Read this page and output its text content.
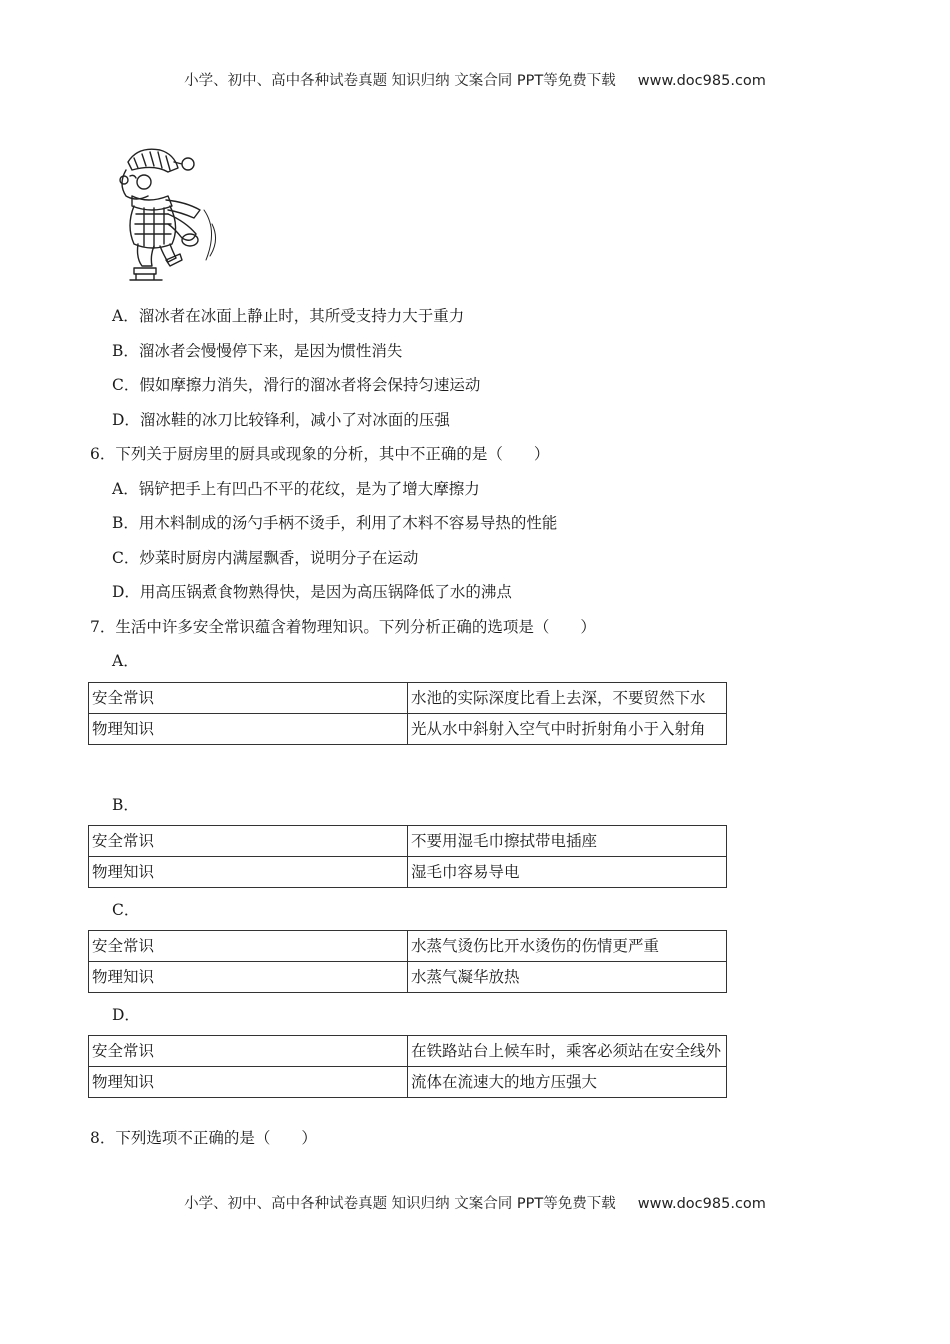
小学、初中、高中各种试卷真题 知识归纳 文案合同 PPT等免费下载 www.doc985.com
A．溜冰者在冰面上静止时，其所受支持力大于重力
B．溜冰者会慢慢停下来，是因为惯性消失
C．假如摩擦力消失，滑行的溜冰者将会保持匀速运动
D．溜冰鞋的冰刀比较锋利，减小了对冰面的压强
6．下列关于厨房里的厨具或现象的分析，其中不正确的是（　　）
A．锅铲把手上有凹凸不平的花纹，是为了增大摩擦力
B．用木料制成的汤勺手柄不烫手，利用了木料不容易导热的性能
C．炒菜时厨房内满屋飘香，说明分子在运动
D．用高压锅煮食物熟得快，是因为高压锅降低了水的沸点
7．生活中许多安全常识蕴含着物理知识。下列分析正确的选项是（　　）
A．
安全常识	水池的实际深度比看上去深，不要贸然下水
物理知识	光从水中斜射入空气中时折射角小于入射角
B．
安全常识	不要用湿毛巾擦拭带电插座
物理知识	湿毛巾容易导电
C．
安全常识	水蒸气烫伤比开水烫伤的伤情更严重
物理知识	水蒸气凝华放热
D．
安全常识	在铁路站台上候车时，乘客必须站在安全线外
物理知识	流体在流速大的地方压强大
8．下列选项不正确的是（　　）
小学、初中、高中各种试卷真题 知识归纳 文案合同 PPT等免费下载 www.doc985.com
